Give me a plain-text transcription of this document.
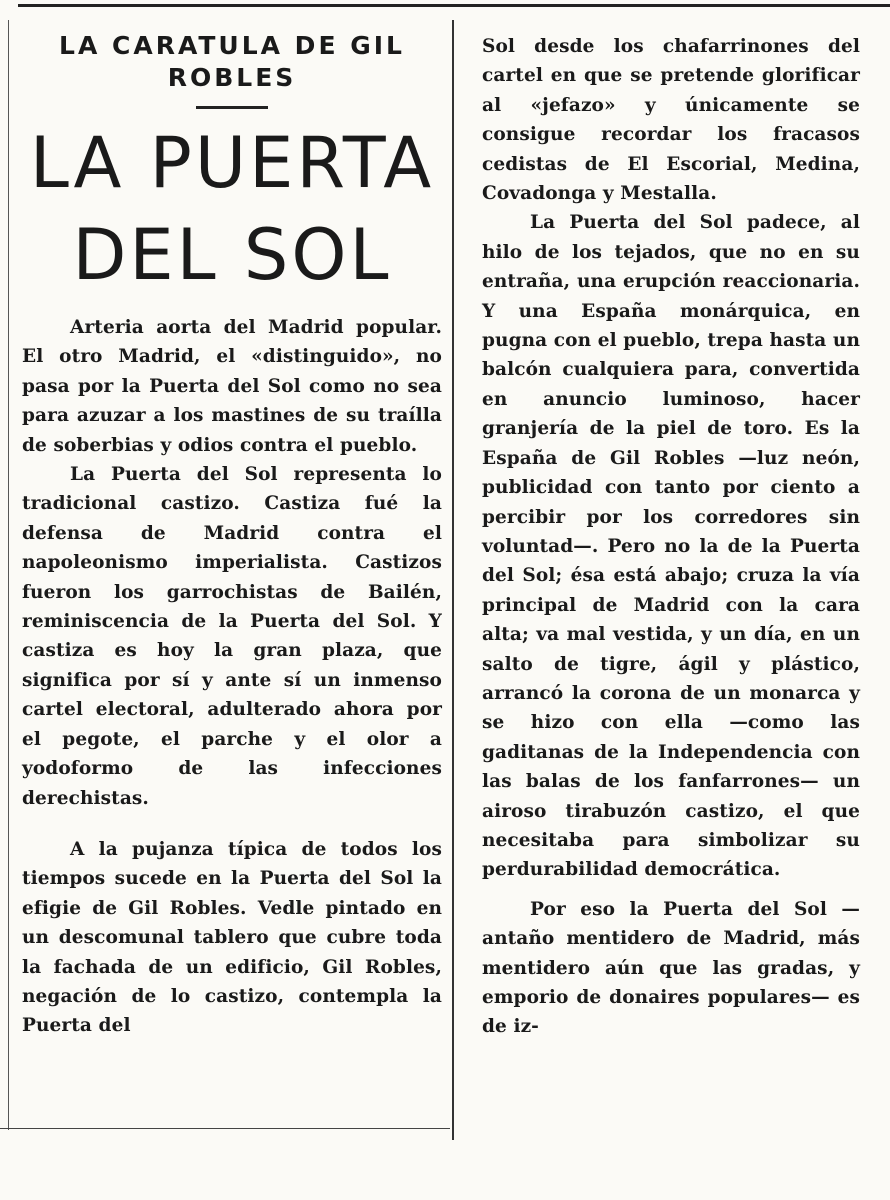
LA CARATULA DE GIL ROBLES
LA PUERTA
DEL SOL

Arteria aorta del Madrid popular. El otro Madrid, el «distinguido», no pasa por la Puerta del Sol como no sea para azuzar a los mastines de su traílla de soberbias y odios contra el pueblo.

La Puerta del Sol representa lo tradicional castizo. Castiza fué la defensa de Madrid contra el napoleonismo imperialista. Castizos fueron los garrochistas de Bailén, reminiscencia de la Puerta del Sol. Y castiza es hoy la gran plaza, que significa por sí y ante sí un inmenso cartel electoral, adulterado ahora por el pegote, el parche y el olor a yodoformo de las infecciones derechistas.

A la pujanza típica de todos los tiempos sucede en la Puerta del Sol la efigie de Gil Robles. Vedle pintado en un descomunal tablero que cubre toda la fachada de un edificio, Gil Robles, negación de lo castizo, contempla la Puerta del

Sol desde los chafarrinones del cartel en que se pretende glorificar al «jefazo» y únicamente se consigue recordar los fracasos cedistas de El Escorial, Medina, Covadonga y Mestalla.

La Puerta del Sol padece, al hilo de los tejados, que no en su entraña, una erupción reaccionaria. Y una España monárquica, en pugna con el pueblo, trepa hasta un balcón cualquiera para, convertida en anuncio luminoso, hacer granjería de la piel de toro. Es la España de Gil Robles —luz neón, publicidad con tanto por ciento a percibir por los corredores sin voluntad—. Pero no la de la Puerta del Sol; ésa está abajo; cruza la vía principal de Madrid con la cara alta; va mal vestida, y un día, en un salto de tigre, ágil y plástico, arrancó la corona de un monarca y se hizo con ella —como las gaditanas de la Independencia con las balas de los fanfarrones— un airoso tirabuzón castizo, el que necesitaba para simbolizar su perdurabilidad democrática.

Por eso la Puerta del Sol —antaño mentidero de Madrid, más mentidero aún que las gradas, y emporio de donaires populares— es de iz-
